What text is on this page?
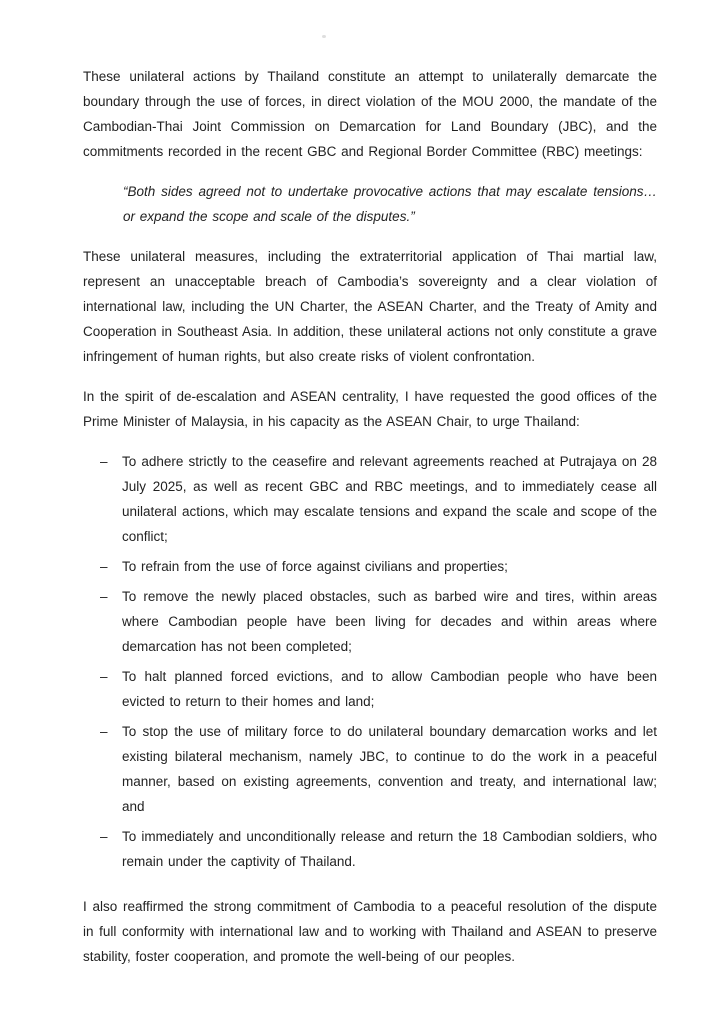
These unilateral actions by Thailand constitute an attempt to unilaterally demarcate the boundary through the use of forces, in direct violation of the MOU 2000, the mandate of the Cambodian-Thai Joint Commission on Demarcation for Land Boundary (JBC), and the commitments recorded in the recent GBC and Regional Border Committee (RBC) meetings:

“Both sides agreed not to undertake provocative actions that may escalate tensions… or expand the scope and scale of the disputes.”

These unilateral measures, including the extraterritorial application of Thai martial law, represent an unacceptable breach of Cambodia’s sovereignty and a clear violation of international law, including the UN Charter, the ASEAN Charter, and the Treaty of Amity and Cooperation in Southeast Asia. In addition, these unilateral actions not only constitute a grave infringement of human rights, but also create risks of violent confrontation.

In the spirit of de-escalation and ASEAN centrality, I have requested the good offices of the Prime Minister of Malaysia, in his capacity as the ASEAN Chair, to urge Thailand:

– To adhere strictly to the ceasefire and relevant agreements reached at Putrajaya on 28 July 2025, as well as recent GBC and RBC meetings, and to immediately cease all unilateral actions, which may escalate tensions and expand the scale and scope of the conflict;
– To refrain from the use of force against civilians and properties;
– To remove the newly placed obstacles, such as barbed wire and tires, within areas where Cambodian people have been living for decades and within areas where demarcation has not been completed;
– To halt planned forced evictions, and to allow Cambodian people who have been evicted to return to their homes and land;
– To stop the use of military force to do unilateral boundary demarcation works and let existing bilateral mechanism, namely JBC, to continue to do the work in a peaceful manner, based on existing agreements, convention and treaty, and international law; and
– To immediately and unconditionally release and return the 18 Cambodian soldiers, who remain under the captivity of Thailand.

I also reaffirmed the strong commitment of Cambodia to a peaceful resolution of the dispute in full conformity with international law and to working with Thailand and ASEAN to preserve stability, foster cooperation, and promote the well-being of our peoples.
